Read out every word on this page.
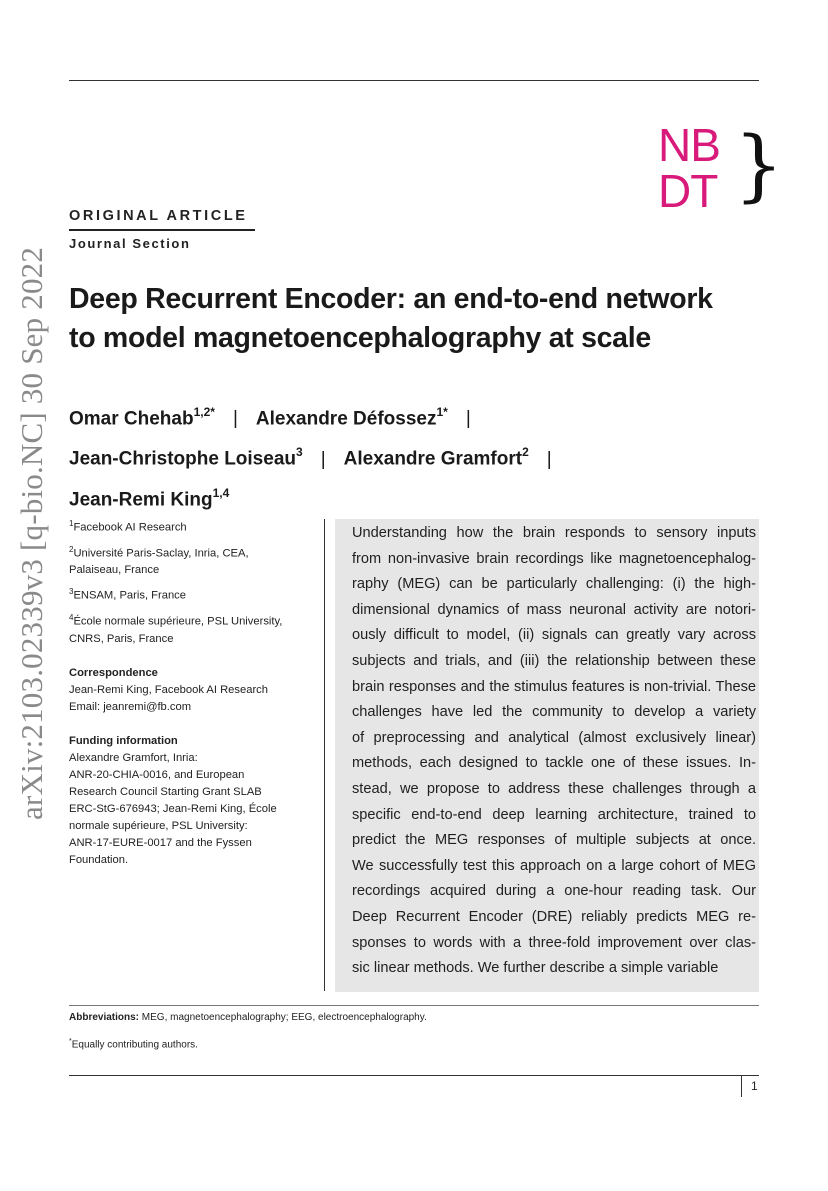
arXiv:2103.02339v3 [q-bio.NC] 30 Sep 2022
NB
DT }
ORIGINAL ARTICLE
Journal Section
Deep Recurrent Encoder: an end-to-end network
to model magnetoencephalography at scale
Omar Chehab$^{1,2*}$ | Alexandre Défossez$^{1*}$ |
Jean-Christophe Loiseau$^3$ | Alexandre Gramfort$^2$ |
Jean-Remi King$^{1,4}$
$^1$Facebook AI Research
$^2$Université Paris-Saclay, Inria, CEA,
Palaiseau, France
$^3$ENSAM, Paris, France
$^4$École normale supérieure, PSL University,
CNRS, Paris, France
Correspondence
Jean-Remi King, Facebook AI Research
Email: jeanremi@fb.com
Funding information
Alexandre Gramfort, Inria:
ANR-20-CHIA-0016, and European
Research Council Starting Grant SLAB
ERC-StG-676943; Jean-Remi King, École
normale supérieure, PSL University:
ANR-17-EURE-0017 and the Fyssen
Foundation.
Understanding how the brain responds to sensory inputs
from non-invasive brain recordings like magnetoencephalog-
raphy (MEG) can be particularly challenging: (i) the high-
dimensional dynamics of mass neuronal activity are notori-
ously difficult to model, (ii) signals can greatly vary across
subjects and trials, and (iii) the relationship between these
brain responses and the stimulus features is non-trivial. These
challenges have led the community to develop a variety
of preprocessing and analytical (almost exclusively linear)
methods, each designed to tackle one of these issues. In-
stead, we propose to address these challenges through a
specific end-to-end deep learning architecture, trained to
predict the MEG responses of multiple subjects at once.
We successfully test this approach on a large cohort of MEG
recordings acquired during a one-hour reading task. Our
Deep Recurrent Encoder (DRE) reliably predicts MEG re-
sponses to words with a three-fold improvement over clas-
sic linear methods. We further describe a simple variable
Abbreviations: MEG, magnetoencephalography; EEG, electroencephalography.
*Equally contributing authors.
1
